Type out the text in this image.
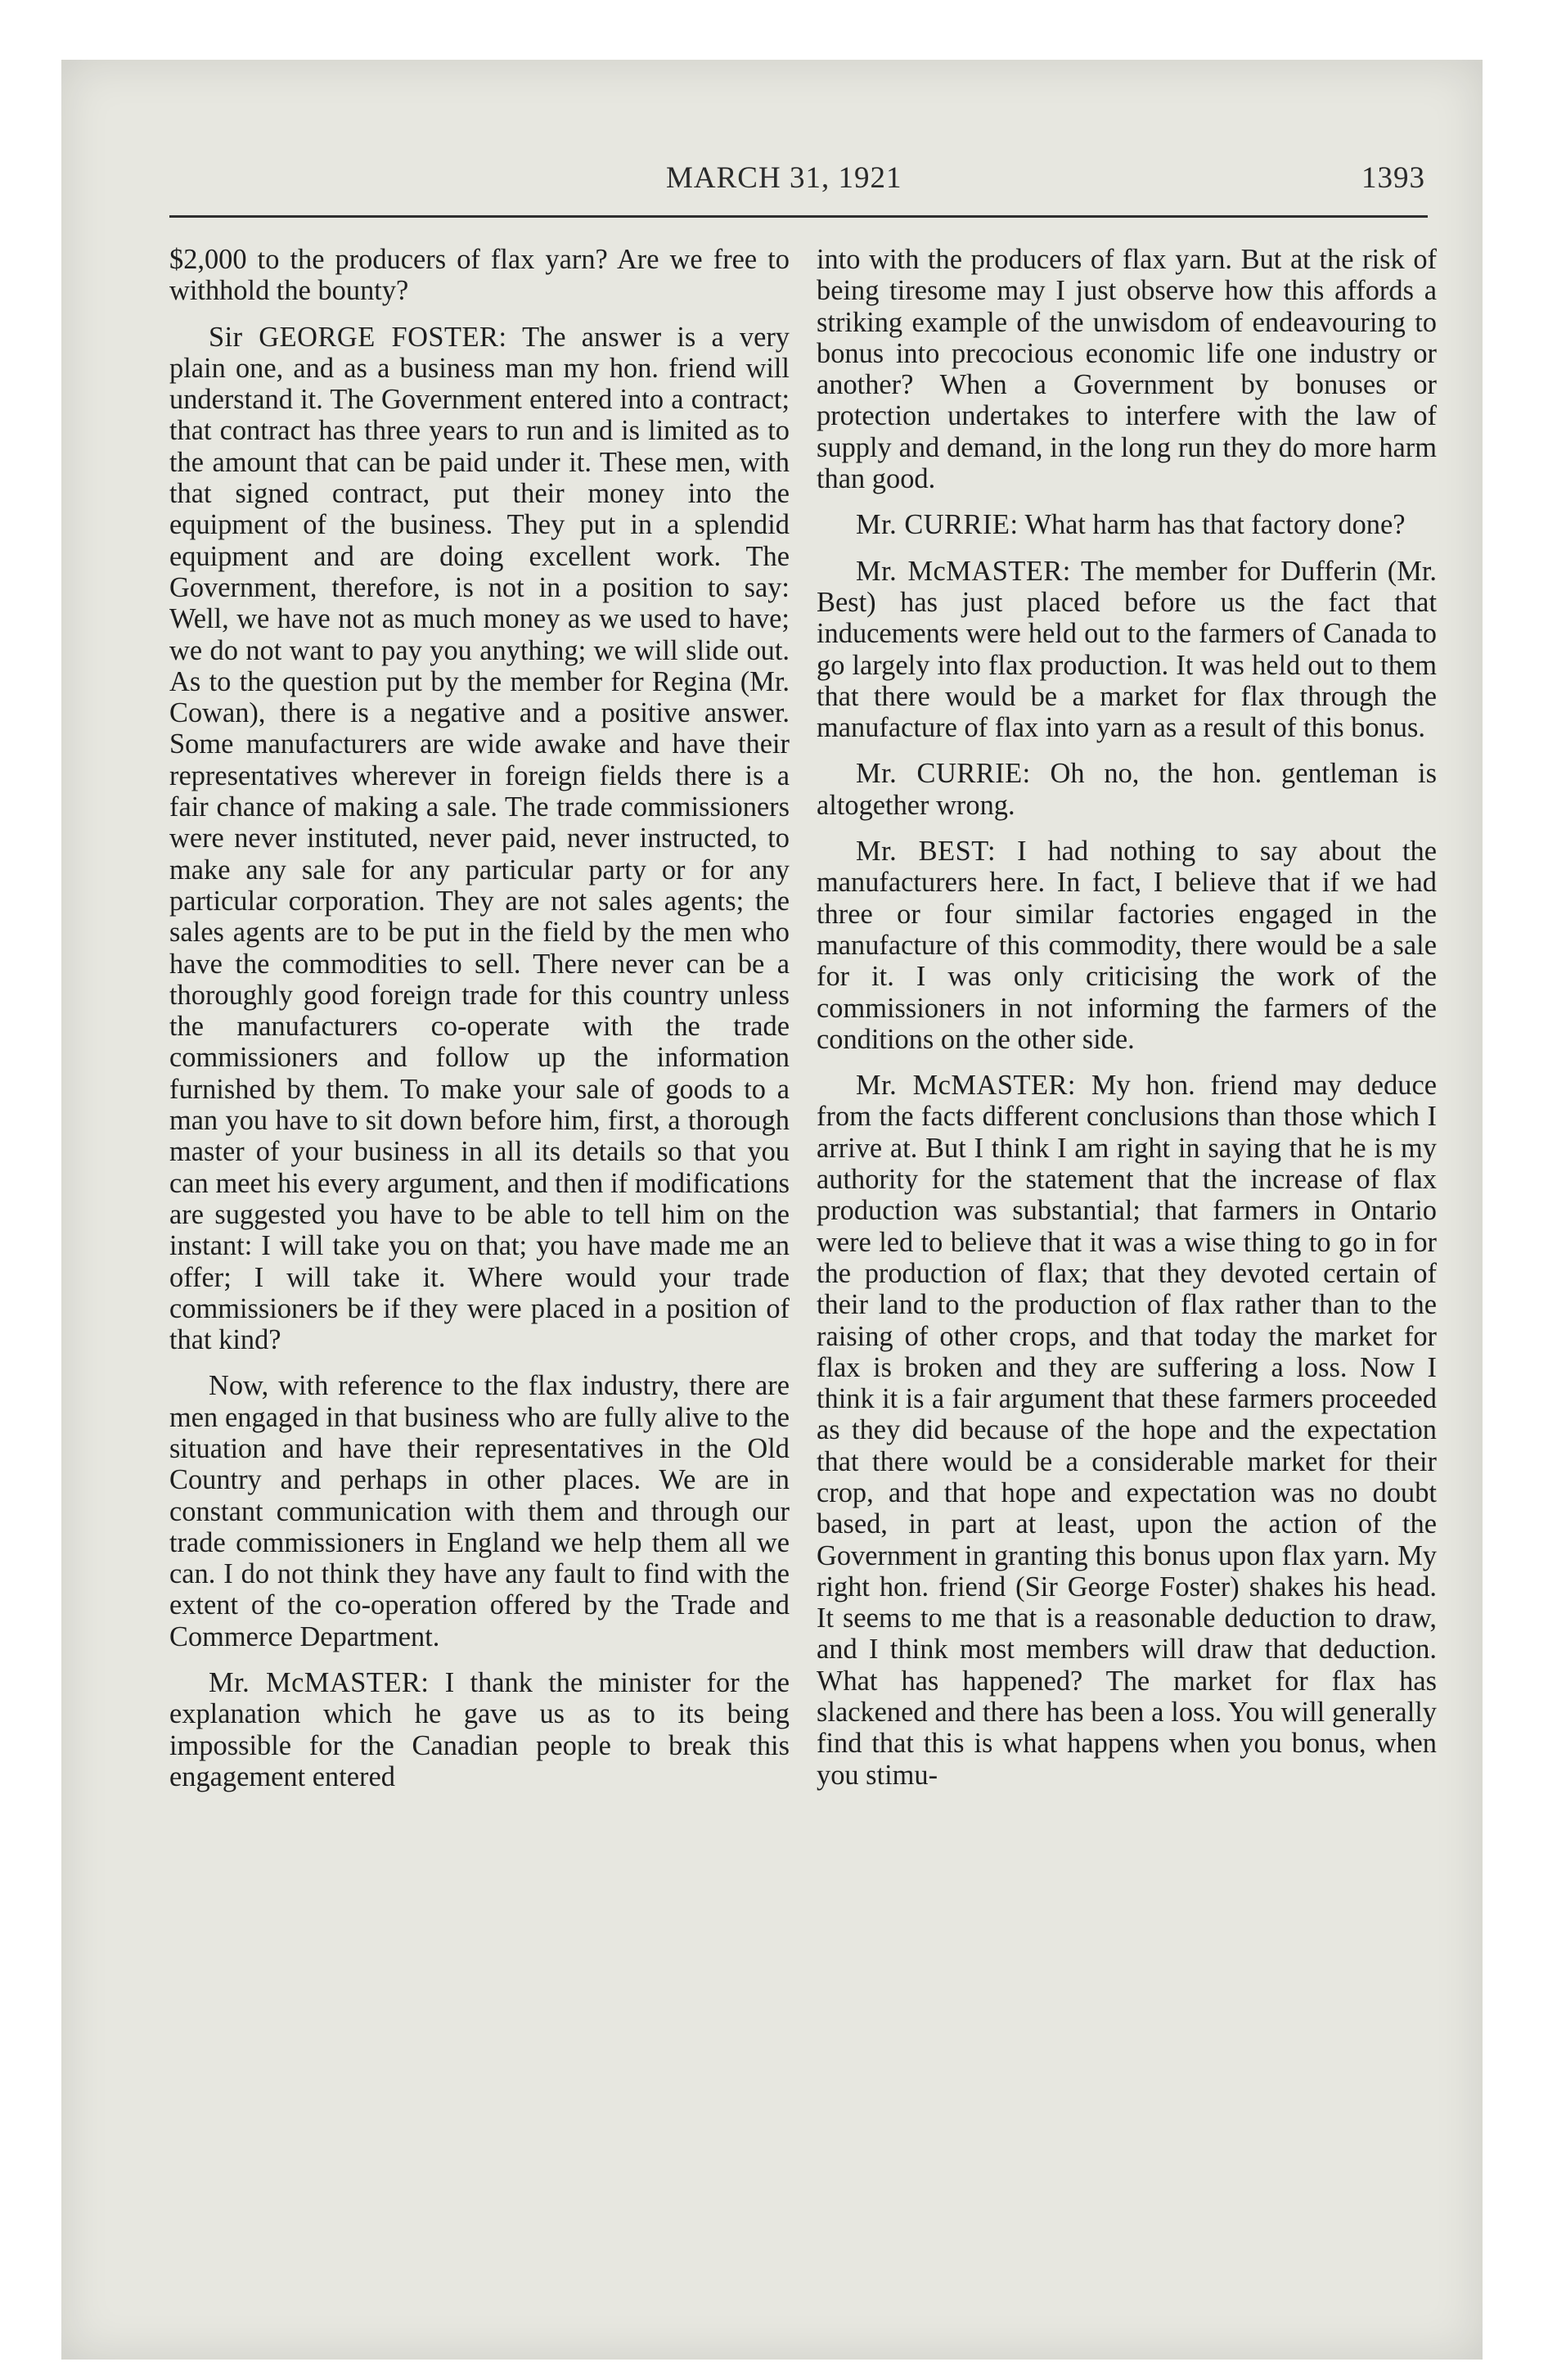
MARCH 31, 1921	1393

$2,000 to the producers of flax yarn? Are we free to withhold the bounty?

Sir GEORGE FOSTER: The answer is a very plain one, and as a business man my hon. friend will understand it. The Government entered into a contract; that contract has three years to run and is limited as to the amount that can be paid under it. These men, with that signed contract, put their money into the equipment of the business. They put in a splendid equipment and are doing excellent work. The Government, therefore, is not in a position to say: Well, we have not as much money as we used to have; we do not want to pay you anything; we will slide out. As to the question put by the member for Regina (Mr. Cowan), there is a negative and a positive answer. Some manufacturers are wide awake and have their representatives wherever in foreign fields there is a fair chance of making a sale. The trade commissioners were never instituted, never paid, never instructed, to make any sale for any particular party or for any particular corporation. They are not sales agents; the sales agents are to be put in the field by the men who have the commodities to sell. There never can be a thoroughly good foreign trade for this country unless the manufacturers co-operate with the trade commissioners and follow up the information furnished by them. To make your sale of goods to a man you have to sit down before him, first, a thorough master of your business in all its details so that you can meet his every argument, and then if modifications are suggested you have to be able to tell him on the instant: I will take you on that; you have made me an offer; I will take it. Where would your trade commissioners be if they were placed in a position of that kind?

Now, with reference to the flax industry, there are men engaged in that business who are fully alive to the situation and have their representatives in the Old Country and perhaps in other places. We are in constant communication with them and through our trade commissioners in England we help them all we can. I do not think they have any fault to find with the extent of the co-operation offered by the Trade and Commerce Department.

Mr. McMASTER: I thank the minister for the explanation which he gave us as to its being impossible for the Canadian people to break this engagement entered

into with the producers of flax yarn. But at the risk of being tiresome may I just observe how this affords a striking example of the unwisdom of endeavouring to bonus into precocious economic life one industry or another? When a Government by bonuses or protection undertakes to interfere with the law of supply and demand, in the long run they do more harm than good.

Mr. CURRIE: What harm has that factory done?

Mr. McMASTER: The member for Dufferin (Mr. Best) has just placed before us the fact that inducements were held out to the farmers of Canada to go largely into flax production. It was held out to them that there would be a market for flax through the manufacture of flax into yarn as a result of this bonus.

Mr. CURRIE: Oh no, the hon. gentleman is altogether wrong.

Mr. BEST: I had nothing to say about the manufacturers here. In fact, I believe that if we had three or four similar factories engaged in the manufacture of this commodity, there would be a sale for it. I was only criticising the work of the commissioners in not informing the farmers of the conditions on the other side.

Mr. McMASTER: My hon. friend may deduce from the facts different conclusions than those which I arrive at. But I think I am right in saying that he is my authority for the statement that the increase of flax production was substantial; that farmers in Ontario were led to believe that it was a wise thing to go in for the production of flax; that they devoted certain of their land to the production of flax rather than to the raising of other crops, and that today the market for flax is broken and they are suffering a loss. Now I think it is a fair argument that these farmers proceeded as they did because of the hope and the expectation that there would be a considerable market for their crop, and that hope and expectation was no doubt based, in part at least, upon the action of the Government in granting this bonus upon flax yarn. My right hon. friend (Sir George Foster) shakes his head. It seems to me that is a reasonable deduction to draw, and I think most members will draw that deduction. What has happened? The market for flax has slackened and there has been a loss. You will generally find that this is what happens when you bonus, when you stimu-
